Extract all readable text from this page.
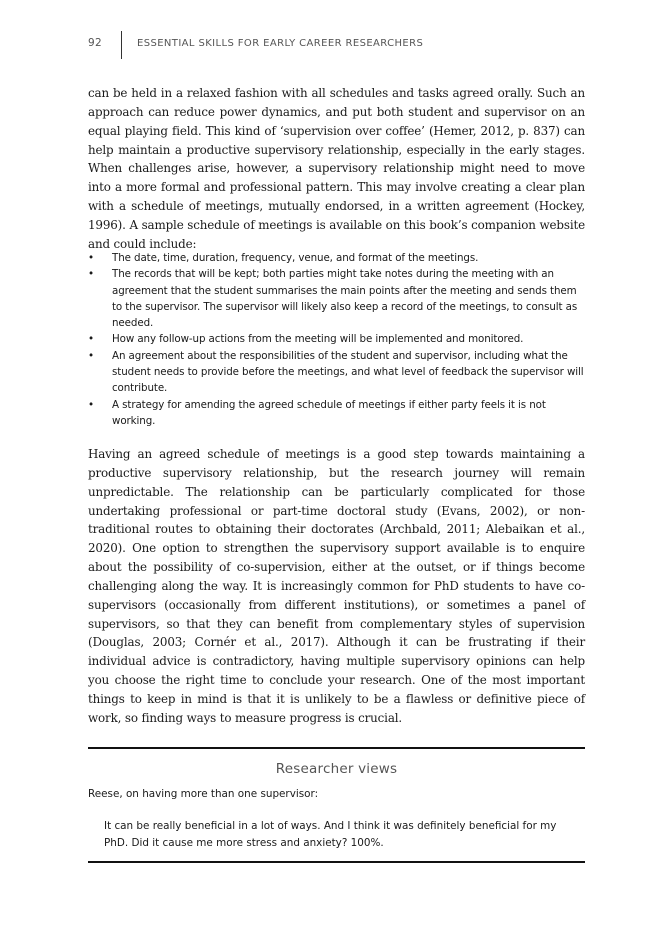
92	ESSENTIAL SKILLS FOR EARLY CAREER RESEARCHERS

can be held in a relaxed fashion with all schedules and tasks agreed orally. Such an approach can reduce power dynamics, and put both student and supervisor on an equal playing field. This kind of ‘supervision over coffee’ (Hemer, 2012, p. 837) can help maintain a productive supervisory relationship, especially in the early stages. When challenges arise, however, a supervisory relationship might need to move into a more formal and professional pattern. This may involve creating a clear plan with a schedule of meetings, mutually endorsed, in a written agreement (Hockey, 1996). A sample schedule of meetings is available on this book’s companion website and could include:

• The date, time, duration, frequency, venue, and format of the meetings.
• The records that will be kept; both parties might take notes during the meeting with an agreement that the student summarises the main points after the meeting and sends them to the supervisor. The supervisor will likely also keep a record of the meetings, to consult as needed.
• How any follow-up actions from the meeting will be implemented and monitored.
• An agreement about the responsibilities of the student and supervisor, including what the student needs to provide before the meetings, and what level of feedback the supervisor will contribute.
• A strategy for amending the agreed schedule of meetings if either party feels it is not working.

Having an agreed schedule of meetings is a good step towards maintaining a productive supervisory relationship, but the research journey will remain unpredictable. The relationship can be particularly complicated for those undertaking professional or part-time doctoral study (Evans, 2002), or non-traditional routes to obtaining their doctorates (Archbald, 2011; Alebaikan et al., 2020). One option to strengthen the supervisory support available is to enquire about the possibility of co-supervision, either at the outset, or if things become challenging along the way. It is increasingly common for PhD students to have co-supervisors (occasionally from different institutions), or sometimes a panel of supervisors, so that they can benefit from complementary styles of supervision (Douglas, 2003; Cornér et al., 2017). Although it can be frustrating if their individual advice is contradictory, having multiple supervisory opinions can help you choose the right time to conclude your research. One of the most important things to keep in mind is that it is unlikely to be a flawless or definitive piece of work, so finding ways to measure progress is crucial.

Researcher views
Reese, on having more than one supervisor:

It can be really beneficial in a lot of ways. And I think it was definitely beneficial for my PhD. Did it cause me more stress and anxiety? 100%.
